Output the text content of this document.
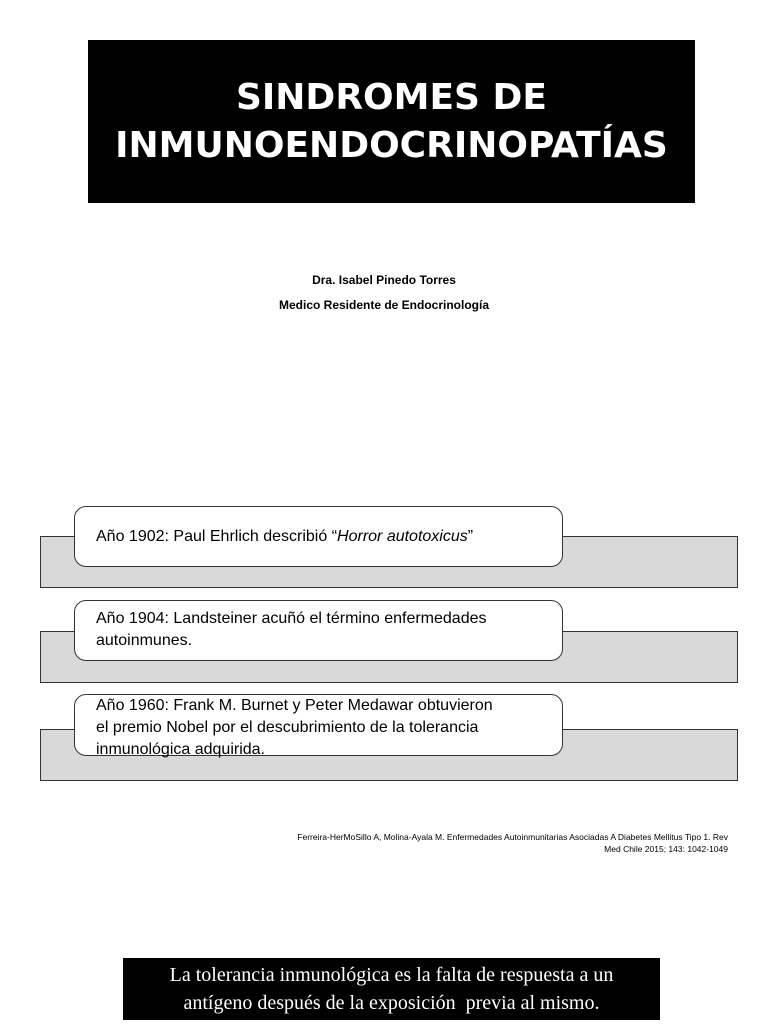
SINDROMES DE
INMUNOENDOCRINOPATÍAS
Dra. Isabel Pinedo Torres
Medico Residente de Endocrinología
Año 1902: Paul Ehrlich describió “Horror autotoxicus”
Año 1904: Landsteiner acuñó el término enfermedades
autoinmunes.
Año 1960: Frank M. Burnet y Peter Medawar obtuvieron
el premio Nobel por el descubrimiento de la tolerancia
inmunológica adquirida.
Ferreira-HerMoSillo A, Molina-Ayala M. Enfermedades Autoinmunitarias Asociadas A Diabetes Mellitus Tipo 1. Rev
Med Chile 2015; 143: 1042-1049
La tolerancia inmunológica es la falta de respuesta a un
antígeno después de la exposición  previa al mismo.
